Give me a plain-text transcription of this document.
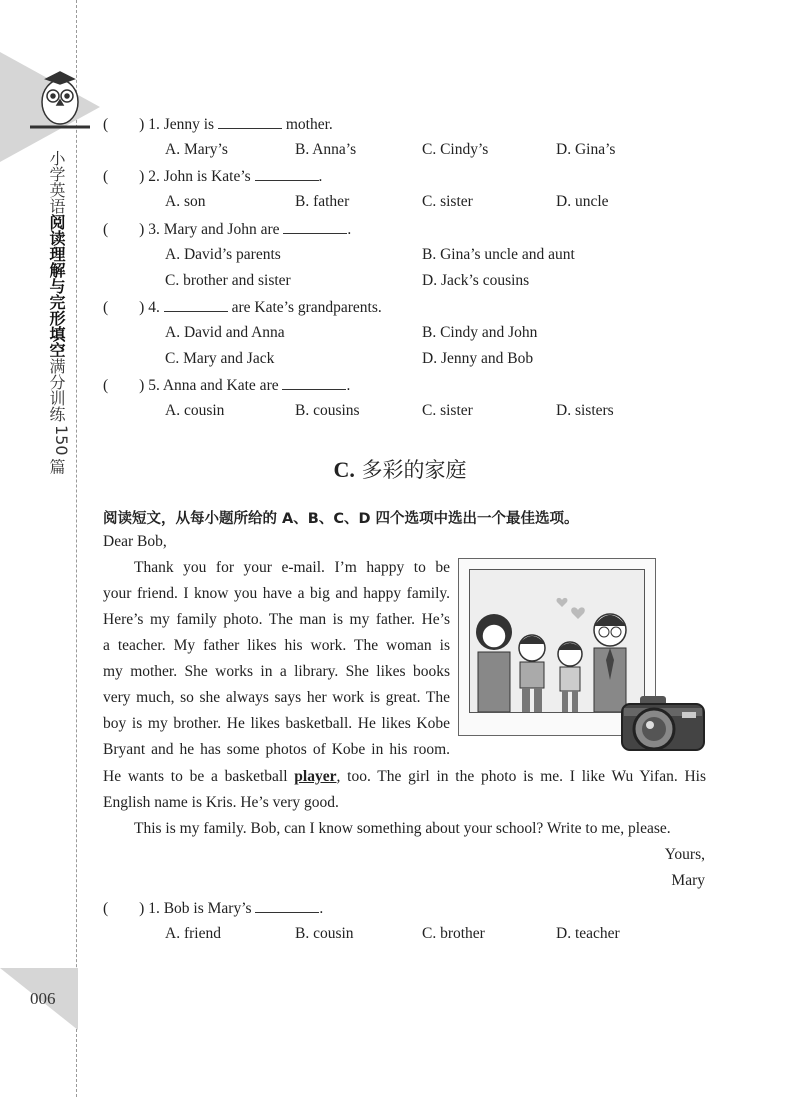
小学英语阅读理解与完形填空满分训练150篇
006
(　　) 1. Jenny is	mother.
A. Mary’s	B. Anna’s	C. Cindy’s	D. Gina’s
(　　) 2. John is Kate’s	.
A. son	B. father	C. sister	D. uncle
(　　) 3. Mary and John are	.
A. David’s parents	B. Gina’s uncle and aunt
C. brother and sister	D. Jack’s cousins
(　　) 4.	are Kate’s grandparents.
A. David and Anna	B. Cindy and John
C. Mary and Jack	D. Jenny and Bob
(　　) 5. Anna and Kate are	.
A. cousin	B. cousins	C. sister	D. sisters
C. 多彩的家庭
阅读短文，从每小题所给的 A、B、C、D 四个选项中选出一个最佳选项。
Dear Bob,
Thank you for your e-mail. I’m happy to be
your friend. I know you have a big and happy family.
Here’s my family photo. The man is my father. He’s
a teacher. My father likes his work. The woman is
my mother. She works in a library. She likes books
very much, so she always says her work is great. The
boy is my brother. He likes basketball. He likes Kobe
Bryant and he has some photos of Kobe in his room.
He wants to be a basketball player, too. The girl in the photo is me. I like Wu Yifan. His
English name is Kris. He’s very good.
This is my family. Bob, can I know something about your school? Write to me, please.
Yours,
Mary
(　　) 1. Bob is Mary’s	.
A. friend	B. cousin	C. brother	D. teacher
